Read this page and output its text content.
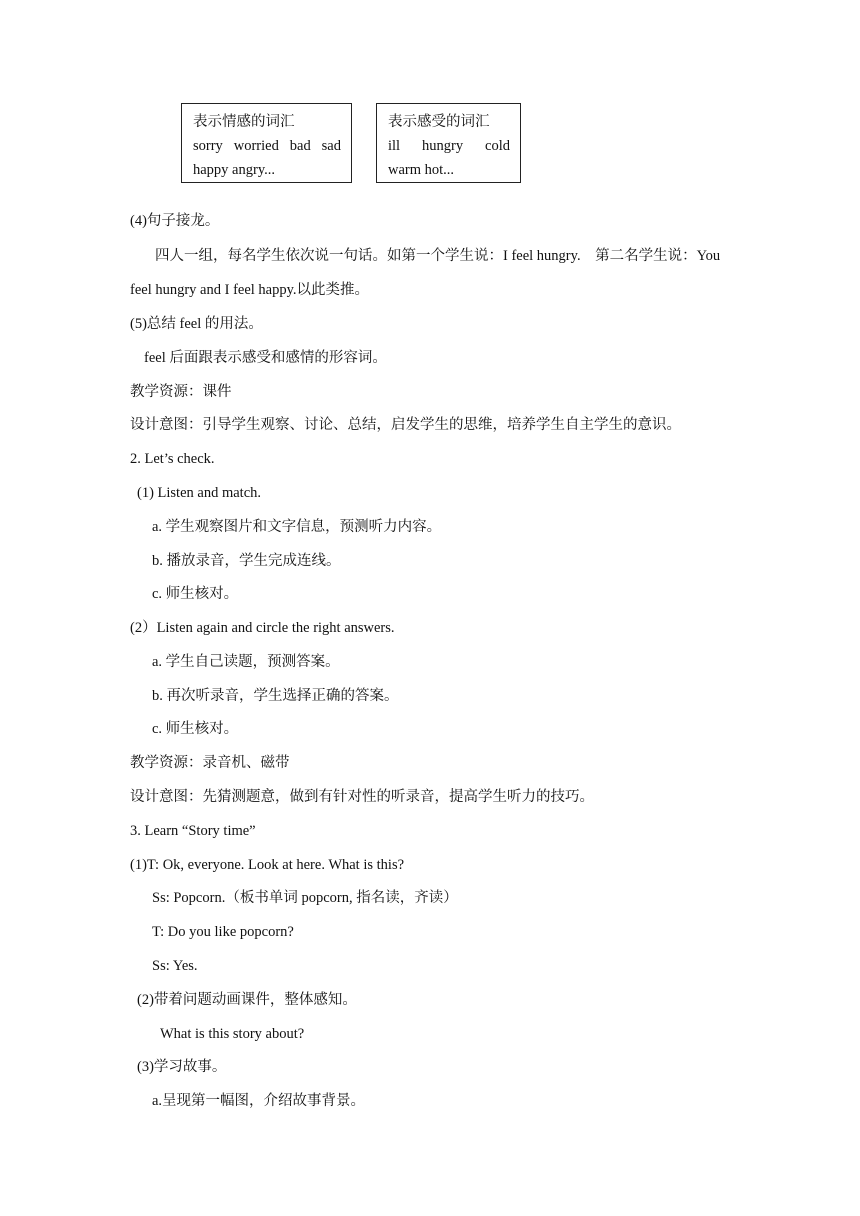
表示情感的词汇
sorry worried bad sad
happy angry...
表示感受的词汇
ill hungry cold
warm hot...
(4)句子接龙。
四人一组，每名学生依次说一句话。如第一个学生说：I feel hungry.　第二名学生说：You
feel hungry and I feel happy.以此类推。
(5)总结 feel 的用法。
feel 后面跟表示感受和感情的形容词。
教学资源：课件
设计意图：引导学生观察、讨论、总结，启发学生的思维，培养学生自主学生的意识。
2. Let’s check.
(1) Listen and match.
a. 学生观察图片和文字信息，预测听力内容。
b. 播放录音，学生完成连线。
c. 师生核对。
(2）Listen again and circle the right answers.
a. 学生自己读题，预测答案。
b. 再次听录音，学生选择正确的答案。
c. 师生核对。
教学资源：录音机、磁带
设计意图：先猜测题意，做到有针对性的听录音，提高学生听力的技巧。
3. Learn “Story time”
(1)T: Ok, everyone. Look at here. What is this?
Ss: Popcorn.（板书单词 popcorn, 指名读，齐读）
T: Do you like popcorn?
Ss: Yes.
(2)带着问题动画课件，整体感知。
What is this story about?
(3)学习故事。
a.呈现第一幅图，介绍故事背景。
